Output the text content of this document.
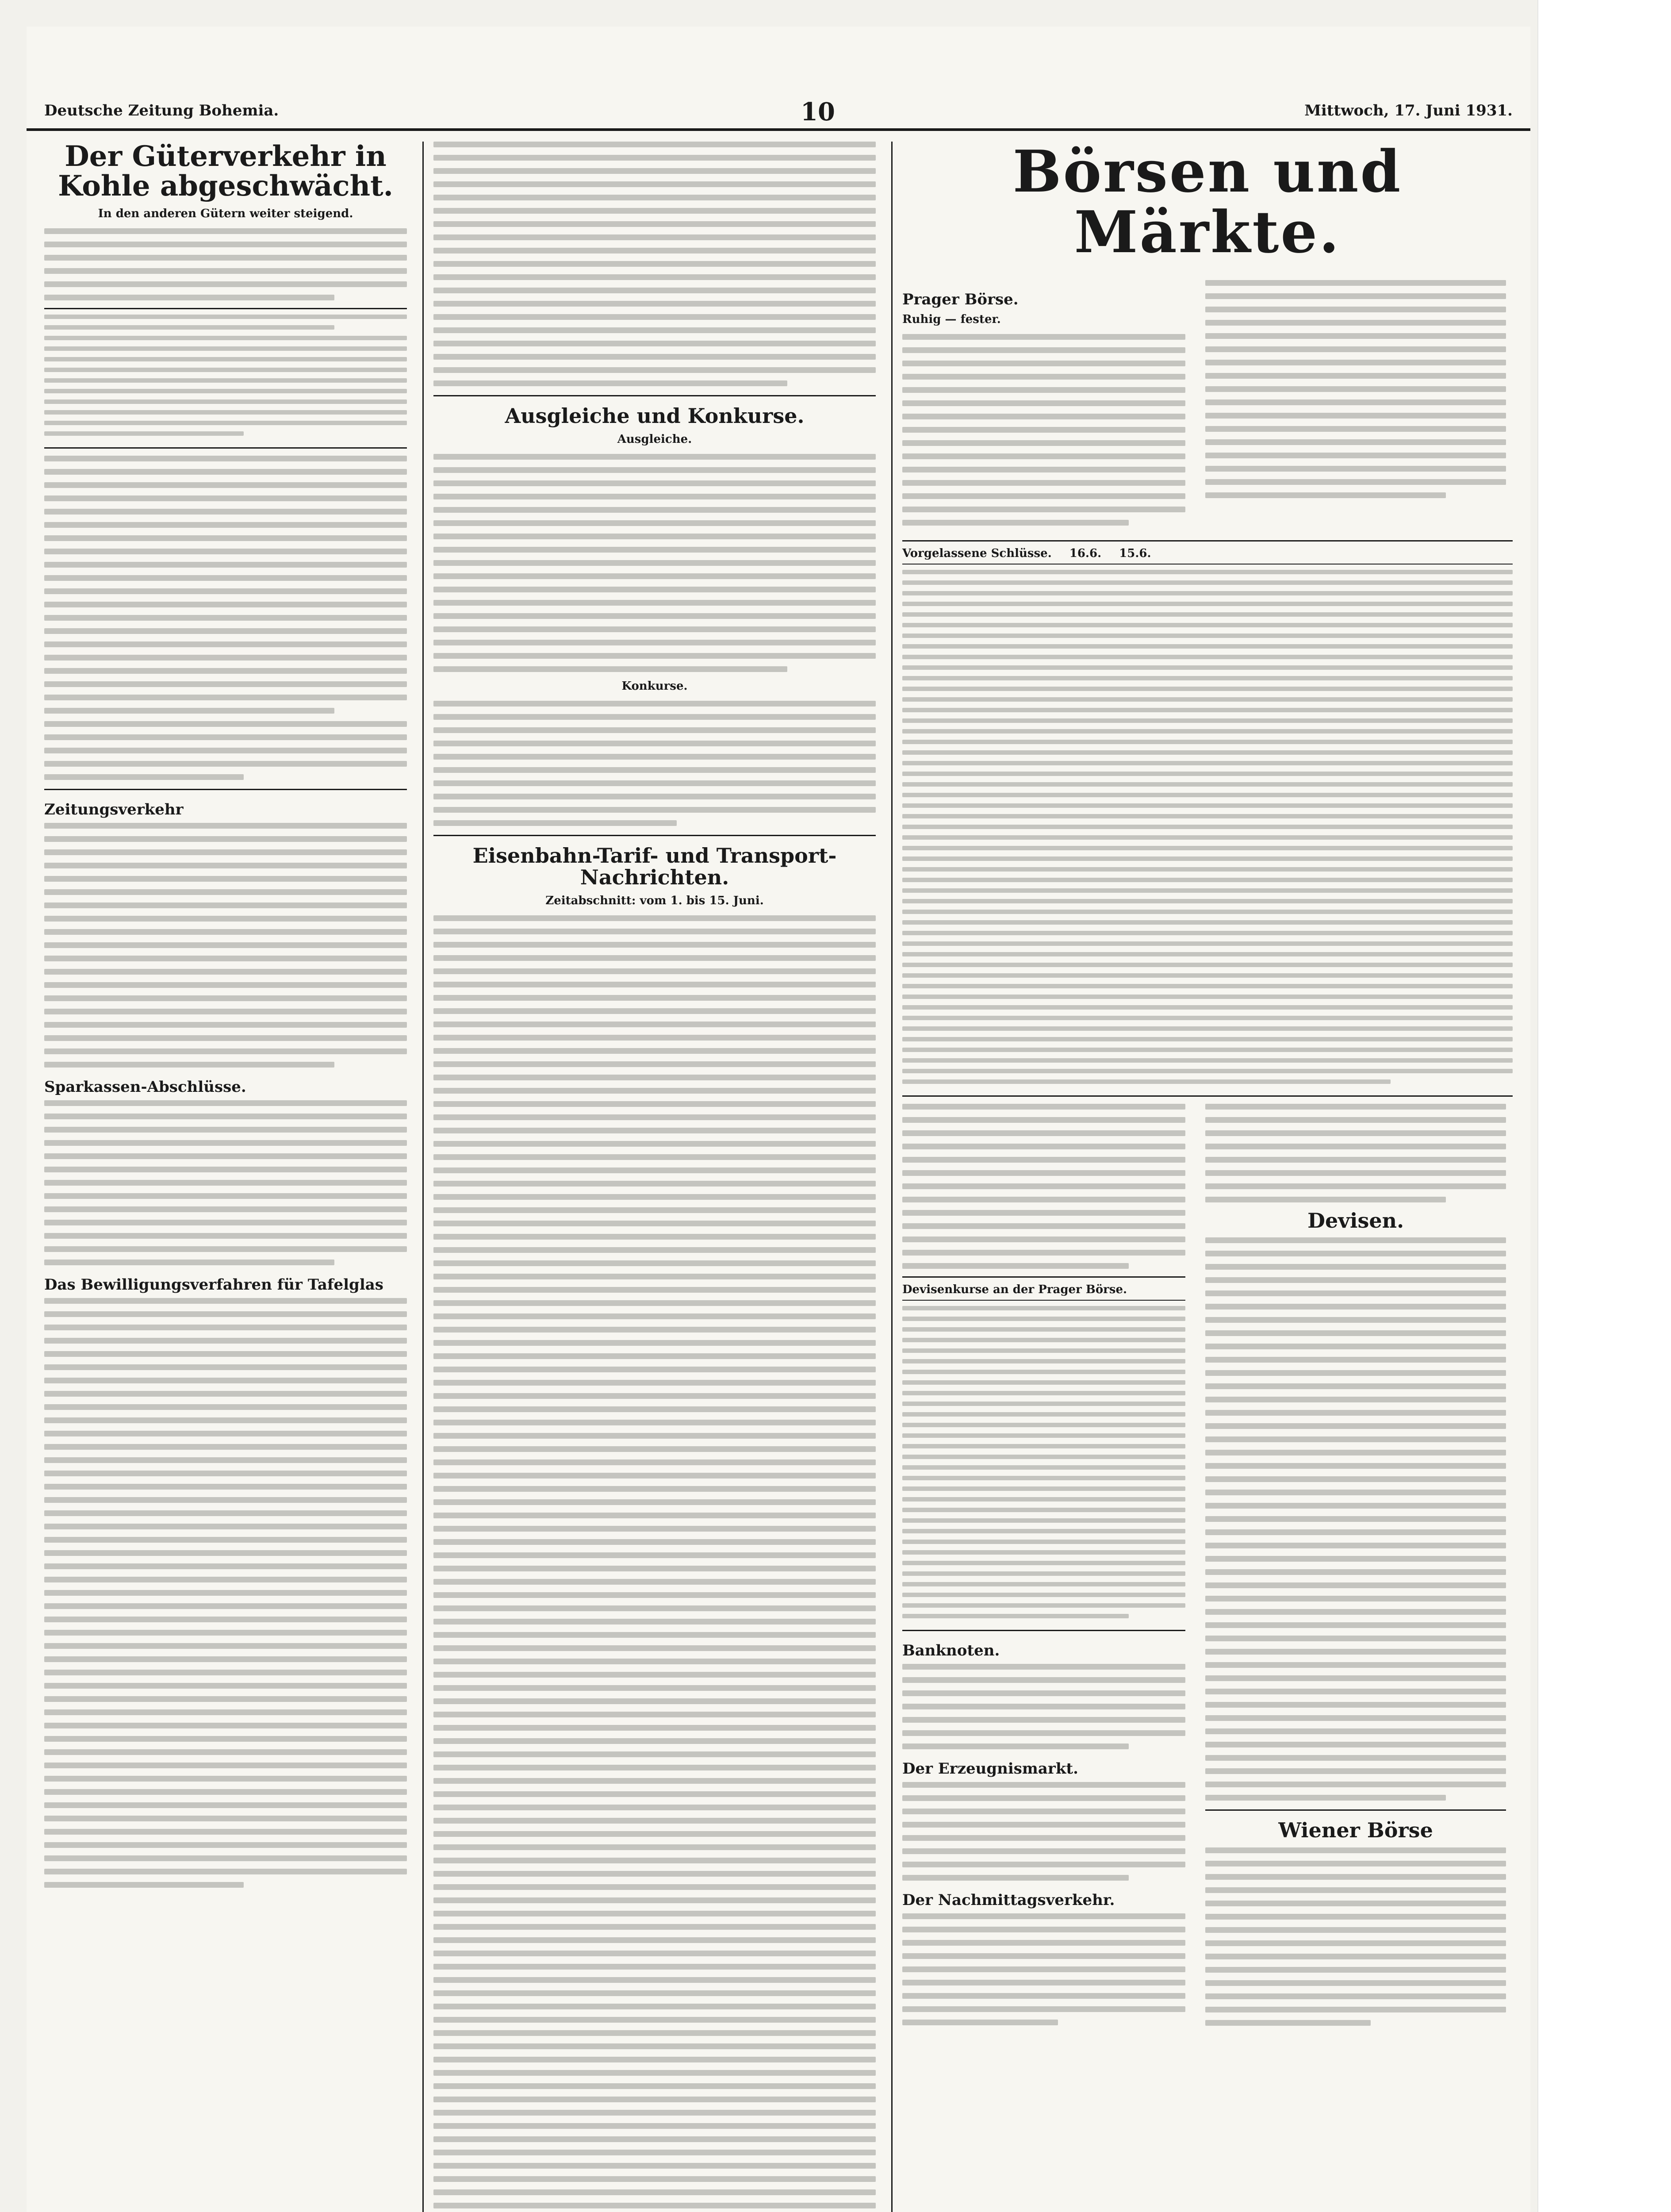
Deutsche Zeitung Bohemia.	10	Mittwoch, 17. Juni 1931.
Der Güterverkehr in Kohle abgeschwächt.
In den anderen Gütern weiter steigend.
Zeitungsverkehr
Sparkassen-Abschlüsse.
Das Bewilligungsverfahren für Tafelglas
Ausgleiche und Konkurse.
Ausgleiche.
Konkurse.
Eisenbahn-Tarif- und Transport-Nachrichten.
Zeitabschnitt: vom 1. bis 15. Juni.
Börsen und Märkte.
Prager Börse.
Ruhig — fester.

Vorgelassene Schlüsse. 16.6. 15.6.
Devisenkurse an der Prager Börse.
Banknoten.
Der Erzeugnismarkt.
Der Nachmittagsverkehr.

Devisen.
Wiener Börse
